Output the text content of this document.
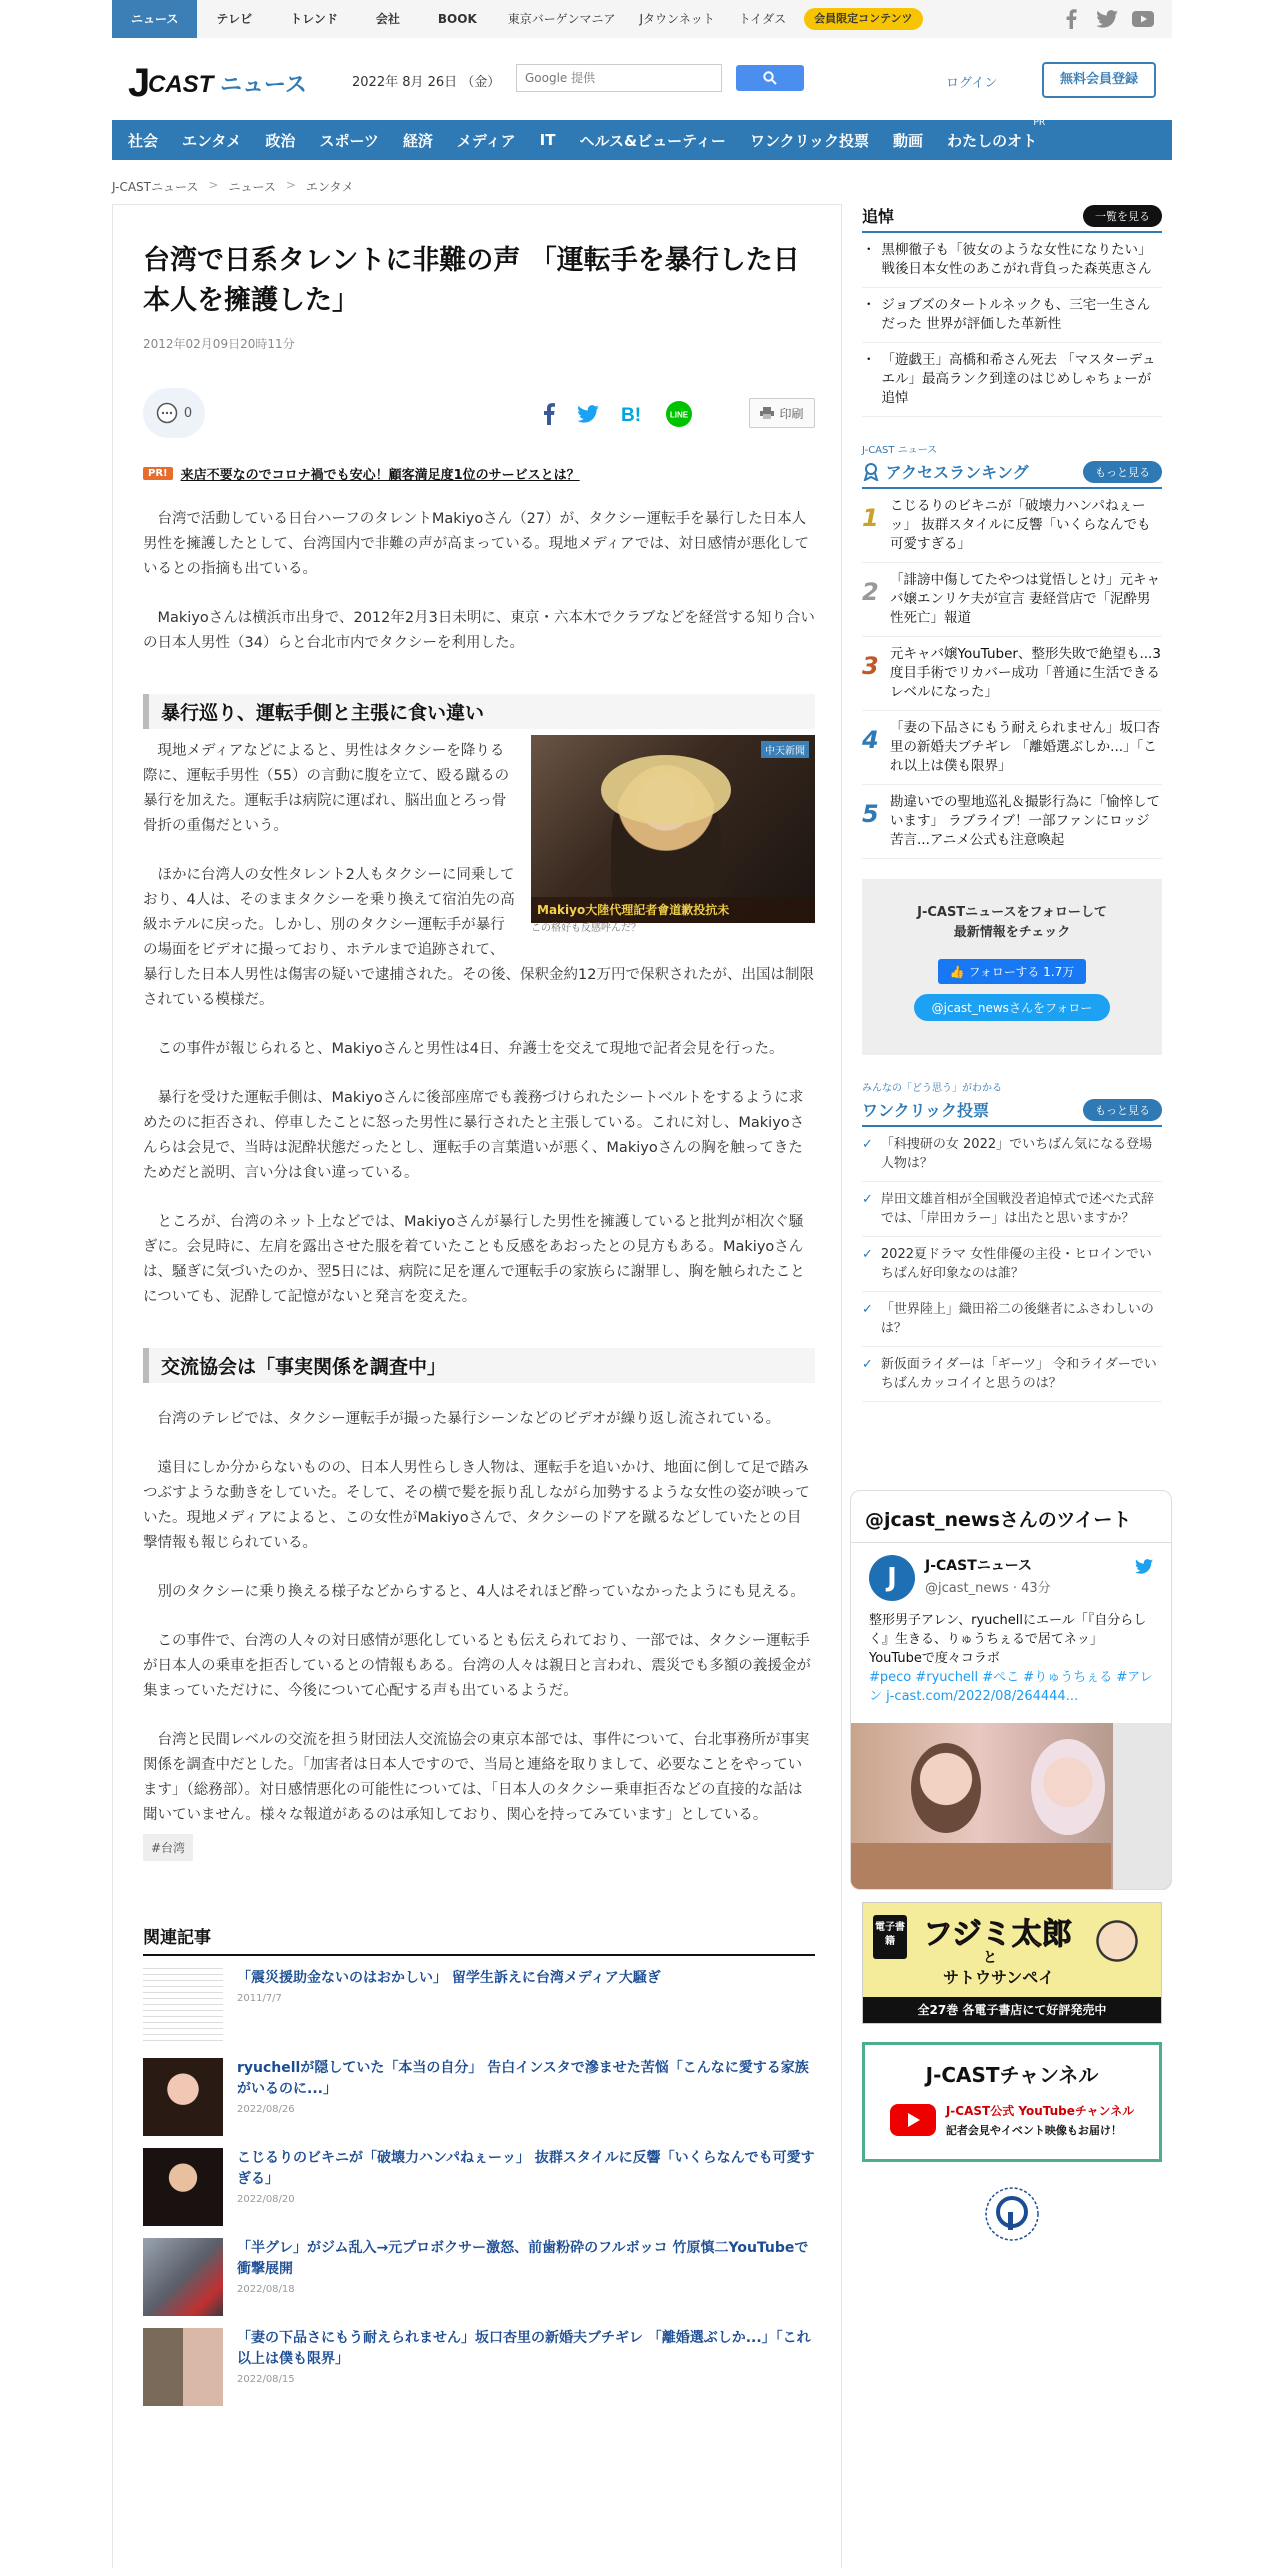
ニュース	テレビ	トレンド	会社	BOOK	東京バーゲンマニア	Jタウンネット	トイダス	会員限定コンテンツ
J
CAST ニュース	2022年 8月 26日 （金）	Google 提供	ログイン	無料会員登録
社会	エンタメ	政治	スポーツ	経済	メディア	IT	ヘルス&ビューティー	ワンクリック投票	動画	わたしのオト
PR
J-CASTニュース > ニュース > エンタメ
台湾で日系タレントに非難の声 「運転手を暴行した日本人を擁護した」
2012年02月09日20時11分
0	B!	LINE	印刷
PR!	来店不要なのでコロナ禍でも安心！顧客満足度1位のサービスとは？

台湾で活動している日台ハーフのタレントMakiyoさん（27）が、タクシー運転手を暴行した日本人男性を擁護したとして、台湾国内で非難の声が高まっている。現地メディアでは、対日感情が悪化しているとの指摘も出ている。

Makiyoさんは横浜市出身で、2012年2月3日未明に、東京・六本木でクラブなどを経営する知り合いの日本人男性（34）らと台北市内でタクシーを利用した。

暴行巡り、運転手側と主張に食い違い
中天新聞
Makiyo大陸代理記者會道歉投抗未
この格好も反感呼んだ？

現地メディアなどによると、男性はタクシーを降りる際に、運転手男性（55）の言動に腹を立て、殴る蹴るの暴行を加えた。運転手は病院に運ばれ、脳出血とろっ骨骨折の重傷だという。

ほかに台湾人の女性タレント2人もタクシーに同乗しており、4人は、そのままタクシーを乗り換えて宿泊先の高級ホテルに戻った。しかし、別のタクシー運転手が暴行の場面をビデオに撮っており、ホテルまで追跡されて、暴行した日本人男性は傷害の疑いで逮捕された。その後、保釈金約12万円で保釈されたが、出国は制限されている模様だ。

この事件が報じられると、Makiyoさんと男性は4日、弁護士を交えて現地で記者会見を行った。

暴行を受けた運転手側は、Makiyoさんに後部座席でも義務づけられたシートベルトをするように求めたのに拒否され、停車したことに怒った男性に暴行されたと主張している。これに対し、Makiyoさんらは会見で、当時は泥酔状態だったとし、運転手の言葉遣いが悪く、Makiyoさんの胸を触ってきたためだと説明、言い分は食い違っている。

ところが、台湾のネット上などでは、Makiyoさんが暴行した男性を擁護していると批判が相次ぐ騒ぎに。会見時に、左肩を露出させた服を着ていたことも反感をあおったとの見方もある。Makiyoさんは、騒ぎに気づいたのか、翌5日には、病院に足を運んで運転手の家族らに謝罪し、胸を触られたことについても、泥酔して記憶がないと発言を変えた。

交流協会は「事実関係を調査中」

台湾のテレビでは、タクシー運転手が撮った暴行シーンなどのビデオが繰り返し流されている。

遠目にしか分からないものの、日本人男性らしき人物は、運転手を追いかけ、地面に倒して足で踏みつぶすような動きをしていた。そして、その横で髪を振り乱しながら加勢するような女性の姿が映っていた。現地メディアによると、この女性がMakiyoさんで、タクシーのドアを蹴るなどしていたとの目撃情報も報じられている。

別のタクシーに乗り換える様子などからすると、4人はそれほど酔っていなかったようにも見える。

この事件で、台湾の人々の対日感情が悪化しているとも伝えられており、一部では、タクシー運転手が日本人の乗車を拒否しているとの情報もある。台湾の人々は親日と言われ、震災でも多額の義援金が集まっていただけに、今後について心配する声も出ているようだ。

台湾と民間レベルの交流を担う財団法人交流協会の東京本部では、事件について、台北事務所が事実関係を調査中だとした。「加害者は日本人ですので、当局と連絡を取りまして、必要なことをやっています」（総務部）。対日感情悪化の可能性については、「日本人のタクシー乗車拒否などの直接的な話は聞いていません。様々な報道があるのは承知しており、関心を持ってみています」としている。

#台湾
関連記事
「震災援助金ないのはおかしい」 留学生訴えに台湾メディア大騒ぎ
2011/7/7
ryuchellが隠していた「本当の自分」 告白インスタで滲ませた苦悩「こんなに愛する家族がいるのに...」
2022/08/26
こじるりのビキニが「破壊力ハンパねぇーッ」 抜群スタイルに反響「いくらなんでも可愛すぎる」
2022/08/20
「半グレ」がジム乱入→元プロボクサー激怒、前歯粉砕のフルボッコ 竹原慎二YouTubeで衝撃展開
2022/08/18
「妻の下品さにもう耐えられません」坂口杏里の新婚夫ブチギレ 「離婚選ぶしか...」「これ以上は僕も限界」
2022/08/15
追悼	一覧を見る
・ 黒柳徹子も「彼女のような女性になりたい」 戦後日本女性のあこがれ背負った森英恵さん
・ ジョブズのタートルネックも、三宅一生さんだった 世界が評価した革新性
・ 「遊戯王」高橋和希さん死去 「マスターデュエル」最高ランク到達のはじめしゃちょーが追悼
J-CAST ニュース
アクセスランキング	もっと見る
1 こじるりのビキニが「破壊力ハンパねぇーッ」 抜群スタイルに反響「いくらなんでも可愛すぎる」
2 「誹謗中傷してたやつは覚悟しとけ」元キャバ嬢エンリケ夫が宣言 妻経営店で「泥酔男性死亡」報道
3 元キャバ嬢YouTuber、整形失敗で絶望も...3度目手術でリカバー成功「普通に生活できるレベルになった」
4 「妻の下品さにもう耐えられません」坂口杏里の新婚夫ブチギレ 「離婚選ぶしか...」「これ以上は僕も限界」
5 勘違いでの聖地巡礼＆撮影行為に「愉悴しています」 ラブライブ！一部ファンにロッジ苦言...アニメ公式も注意喚起
J-CASTニュースをフォローして
最新情報をチェック
👍 フォローする 1.7万
@jcast_newsさんをフォロー
みんなの「どう思う」がわかる
ワンクリック投票	もっと見る
✓ 「科捜研の女 2022」でいちばん気になる登場人物は？
✓ 岸田文雄首相が全国戦没者追悼式で述べた式辞では、「岸田カラー」は出たと思いますか？
✓ 2022夏ドラマ 女性俳優の主役・ヒロインでいちばん好印象なのは誰？
✓ 「世界陸上」織田裕二の後継者にふさわしいのは？
✓ 新仮面ライダーは「ギーツ」 令和ライダーでいちばんカッコイイと思うのは？
@jcast_newsさんのツイート
J	J-CASTニュース
@jcast_news · 43分
整形男子アレン、ryuchellにエール「『自分らしく』生きる、りゅうちぇるで居てネッ」 YouTubeで度々コラボ
#peco #ryuchell #ぺこ #りゅうちぇる #アレン j-cast.com/2022/08/264444...
電子書籍 フジミ太郎
と
サトウサンペイ
全27巻 各電子書店にて好評発売中
J-CASTチャンネル
J-CAST公式 YouTubeチャンネル
記者会見やイベント映像もお届け！
